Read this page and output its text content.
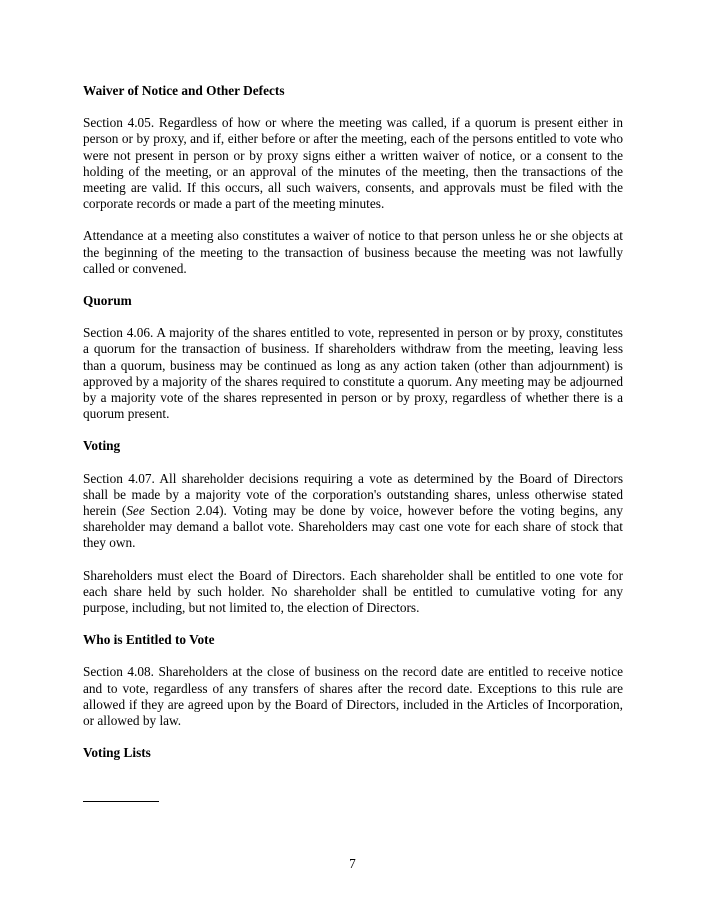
Waiver of Notice and Other Defects

Section 4.05. Regardless of how or where the meeting was called, if a quorum is present either in person or by proxy, and if, either before or after the meeting, each of the persons entitled to vote who were not present in person or by proxy signs either a written waiver of notice, or a consent to the holding of the meeting, or an approval of the minutes of the meeting, then the transactions of the meeting are valid. If this occurs, all such waivers, consents, and approvals must be filed with the corporate records or made a part of the meeting minutes.

Attendance at a meeting also constitutes a waiver of notice to that person unless he or she objects at the beginning of the meeting to the transaction of business because the meeting was not lawfully called or convened.

Quorum

Section 4.06. A majority of the shares entitled to vote, represented in person or by proxy, constitutes a quorum for the transaction of business. If shareholders withdraw from the meeting, leaving less than a quorum, business may be continued as long as any action taken (other than adjournment) is approved by a majority of the shares required to constitute a quorum. Any meeting may be adjourned by a majority vote of the shares represented in person or by proxy, regardless of whether there is a quorum present.

Voting

Section 4.07. All shareholder decisions requiring a vote as determined by the Board of Directors shall be made by a majority vote of the corporation's outstanding shares, unless otherwise stated herein (See Section 2.04). Voting may be done by voice, however before the voting begins, any shareholder may demand a ballot vote. Shareholders may cast one vote for each share of stock that they own.

Shareholders must elect the Board of Directors. Each shareholder shall be entitled to one vote for each share held by such holder. No shareholder shall be entitled to cumulative voting for any purpose, including, but not limited to, the election of Directors.

Who is Entitled to Vote

Section 4.08. Shareholders at the close of business on the record date are entitled to receive notice and to vote, regardless of any transfers of shares after the record date. Exceptions to this rule are allowed if they are agreed upon by the Board of Directors, included in the Articles of Incorporation, or allowed by law.

Voting Lists
7
